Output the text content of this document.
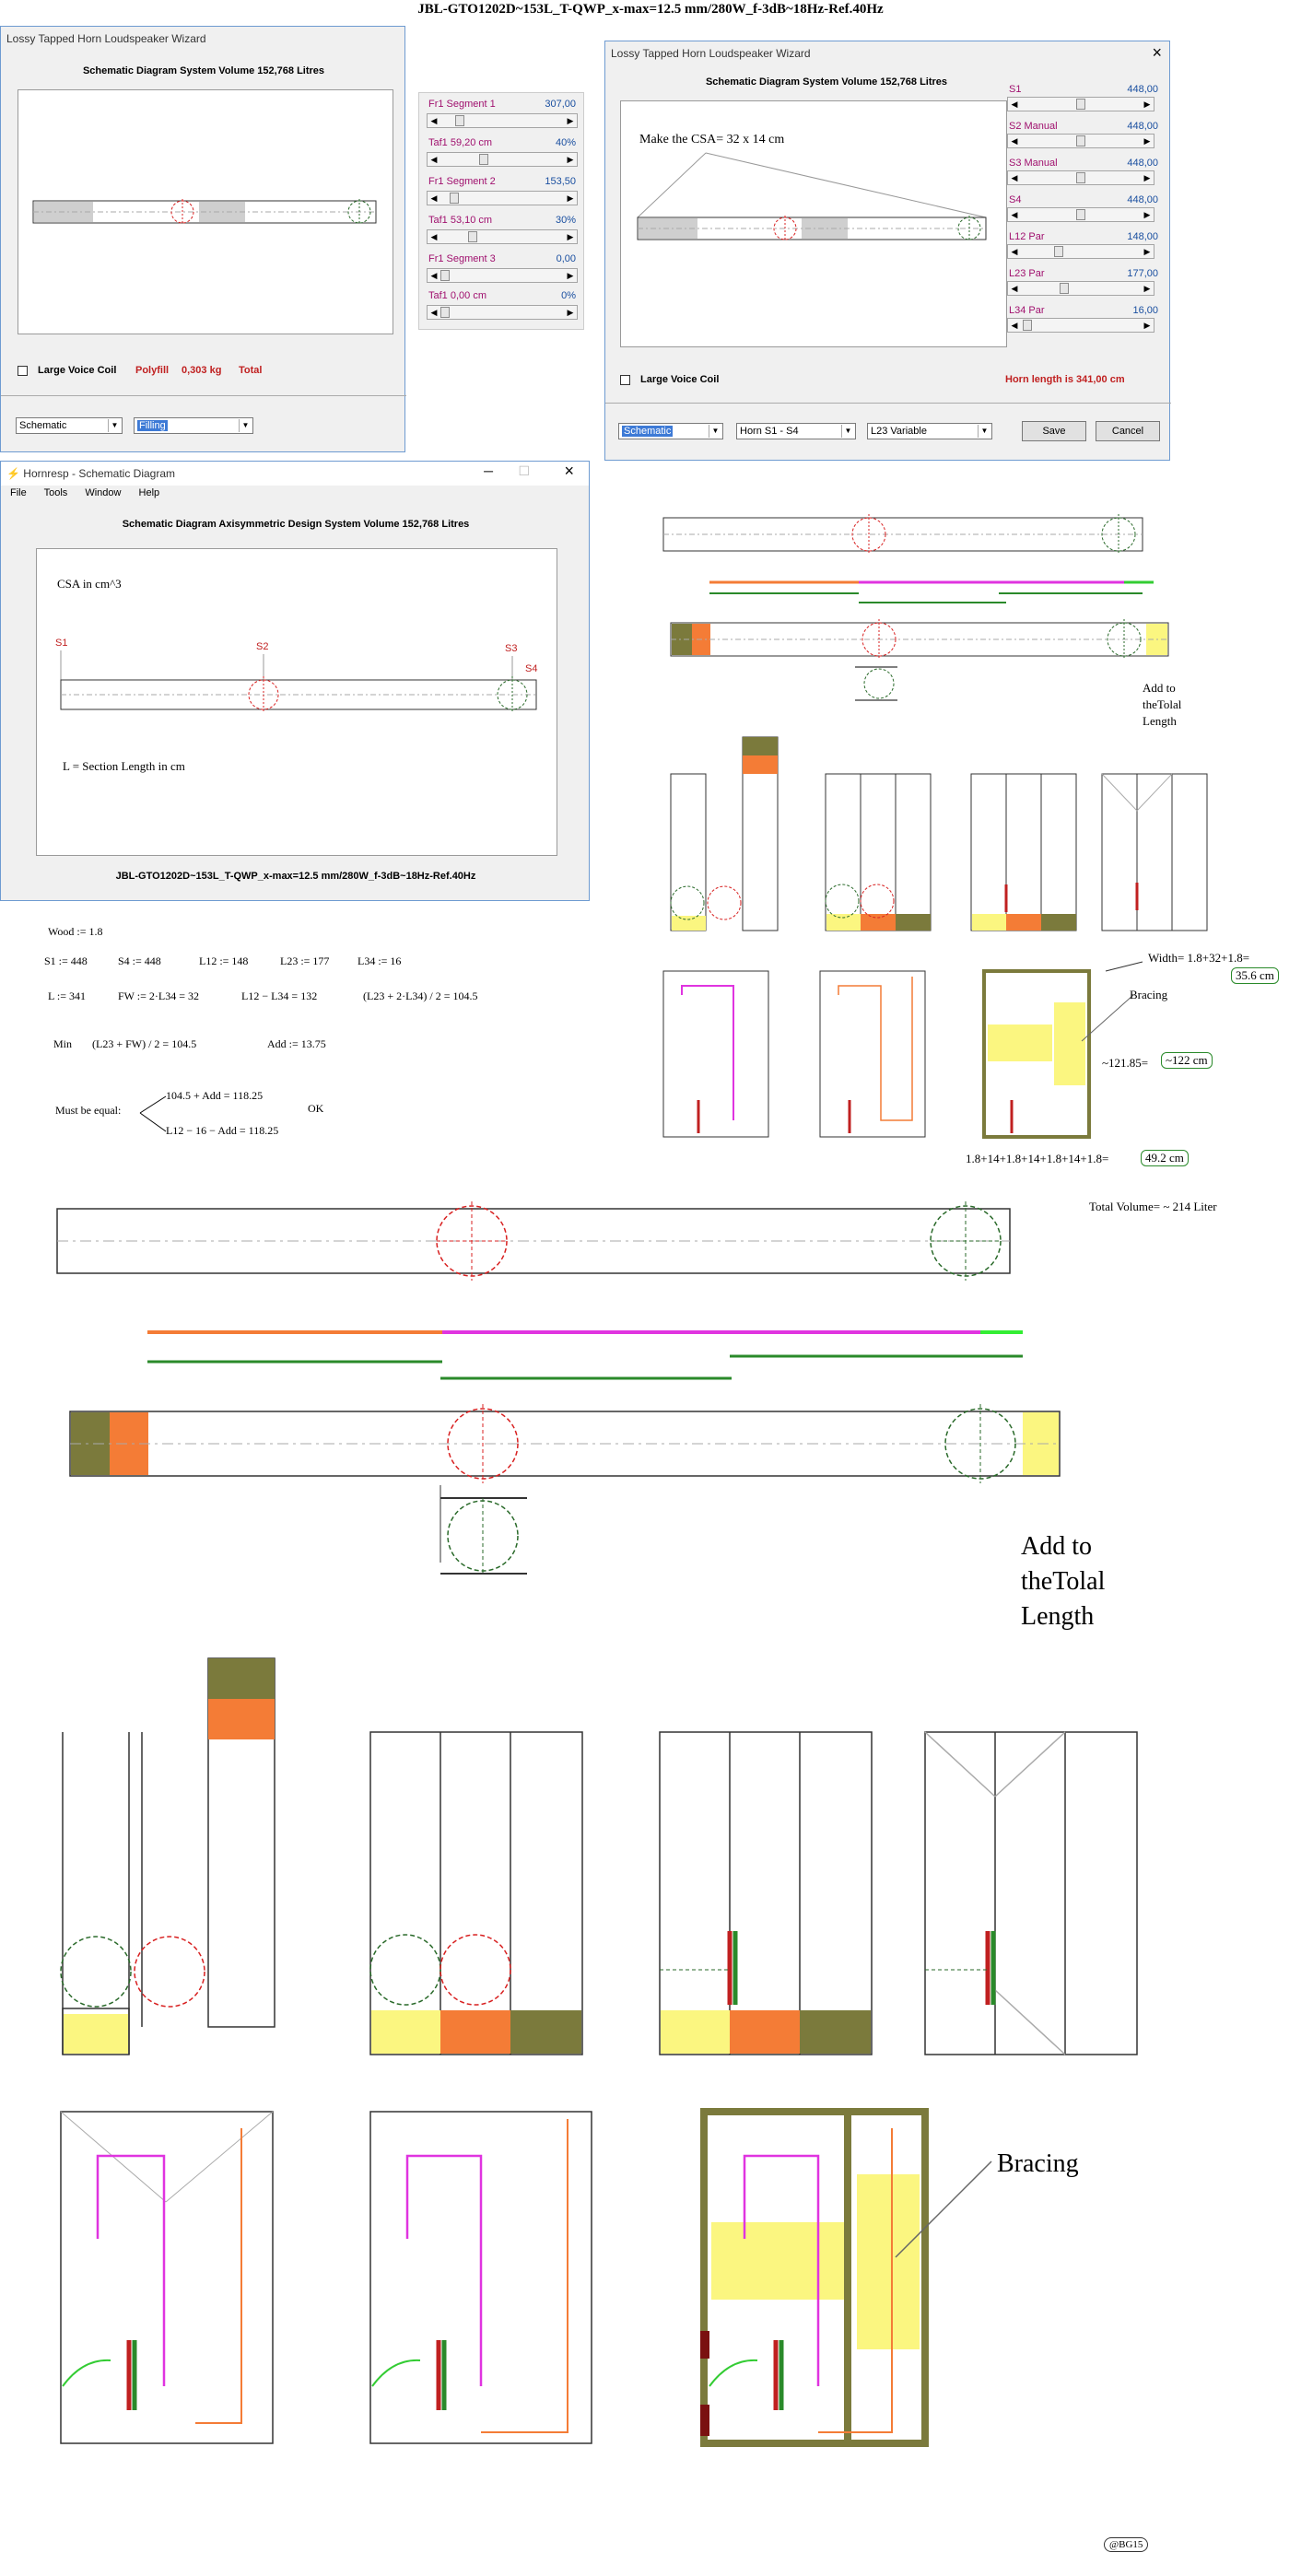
JBL-GTO1202D~153L_T-QWP_x-max=12.5 mm/280W_f-3dB~18Hz-Ref.40Hz
Lossy Tapped Horn Loudspeaker Wizard
Schematic Diagram System Volume 152,768 Litres
Large Voice Coil Polyfill 0,303 kg Total
Schematic	▼	Filling	▼
Fr1 Segment 1	307,00
◀	▶
Taf1 59,20 cm	40%
◀	▶
Fr1 Segment 2	153,50
◀	▶
Taf1 53,10 cm	30%
◀	▶
Fr1 Segment 3	0,00
◀	▶
Taf1 0,00 cm	0%
◀	▶
Lossy Tapped Horn Loudspeaker Wizard	×
Schematic Diagram System Volume 152,768 Litres
Make the CSA= 32 x 14 cm
Large Voice Coil	Horn length is 341,00 cm
S1	448,00
◀	▶
S2 Manual	448,00
◀	▶
S3 Manual	448,00
◀	▶
S4	448,00
◀	▶
L12 Par	148,00
◀	▶
L23 Par	177,00
◀	▶
L34 Par	16,00
◀	▶
Schematic	▼	Horn S1 - S4	▼	L23 Variable	▼	Save	Cancel
⚡ Hornresp - Schematic Diagram	─ ☐ ×
File Tools Window Help
Schematic Diagram Axisymmetric Design System Volume 152,768 Litres
CSA in cm^3
S1	S2	S3
S4
L = Section Length in cm
JBL-GTO1202D~153L_T-QWP_x-max=12.5 mm/280W_f-3dB~18Hz-Ref.40Hz
Wood := 1.8
S1 := 448	S4 := 448	L12 := 148	L23 := 177	L34 := 16
L := 341	FW := 2·L34 = 32	L12 − L34 = 132	(L23 + 2·L34) / 2 = 104.5
Min (L23 + FW) / 2 = 104.5	Add := 13.75
Must be equal:
104.5 + Add = 118.25
L12 − 16 − Add = 118.25
OK
Add to
theTolal
Length
Width= 1.8+32+1.8=
35.6 cm
Bracing
~121.85=	~122 cm
1.8+14+1.8+14+1.8+14+1.8=	49.2 cm
Total Volume= ~ 214 Liter
Add to
theTolal
Length
Bracing
@BG15
